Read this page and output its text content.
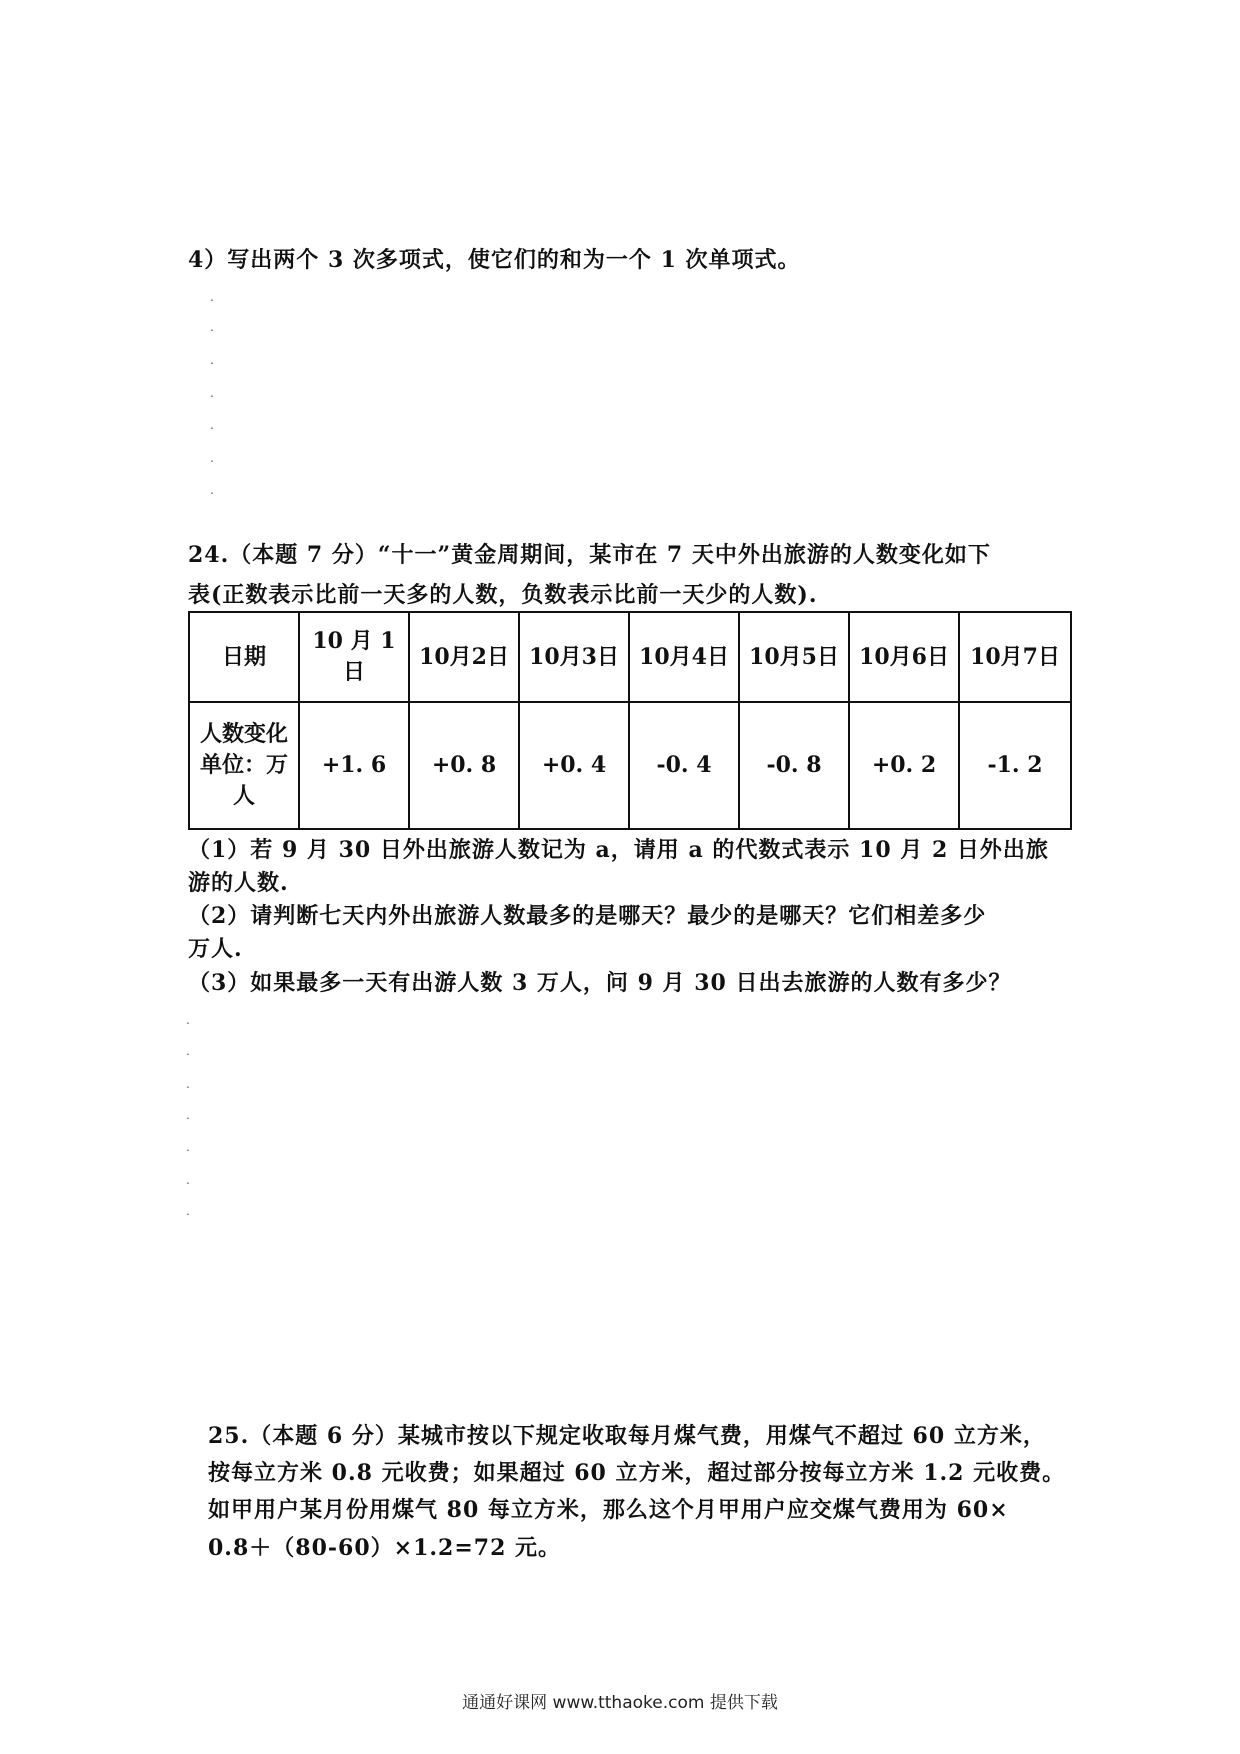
4）写出两个 3 次多项式，使它们的和为一个 1 次单项式。
.
.
.
.
.
.
.
24.（本题 7 分）“十一”黄金周期间，某市在 7 天中外出旅游的人数变化如下
表(正数表示比前一天多的人数，负数表示比前一天少的人数).
日期	10 月 1 日	10月2日	10月3日	10月4日	10月5日	10月6日	10月7日
人数变化单位：万人	+1. 6	+0. 8	+0. 4	-0. 4	-0. 8	+0. 2	-1. 2
（1）若 9 月 30 日外出旅游人数记为 a，请用 a 的代数式表示 10 月 2 日外出旅
游的人数.
（2）请判断七天内外出旅游人数最多的是哪天？最少的是哪天？它们相差多少
万人.
（3）如果最多一天有出游人数 3 万人，问 9 月 30 日出去旅游的人数有多少？
.
.
.
.
.
.
.
25.（本题 6 分）某城市按以下规定收取每月煤气费，用煤气不超过 60 立方米，
按每立方米 0.8 元收费；如果超过 60 立方米，超过部分按每立方米 1.2 元收费。
如甲用户某月份用煤气 80 每立方米，那么这个月甲用户应交煤气费用为 60×
0.8＋（80-60）×1.2=72 元。
通通好课网 www.tthaoke.com 提供下载
